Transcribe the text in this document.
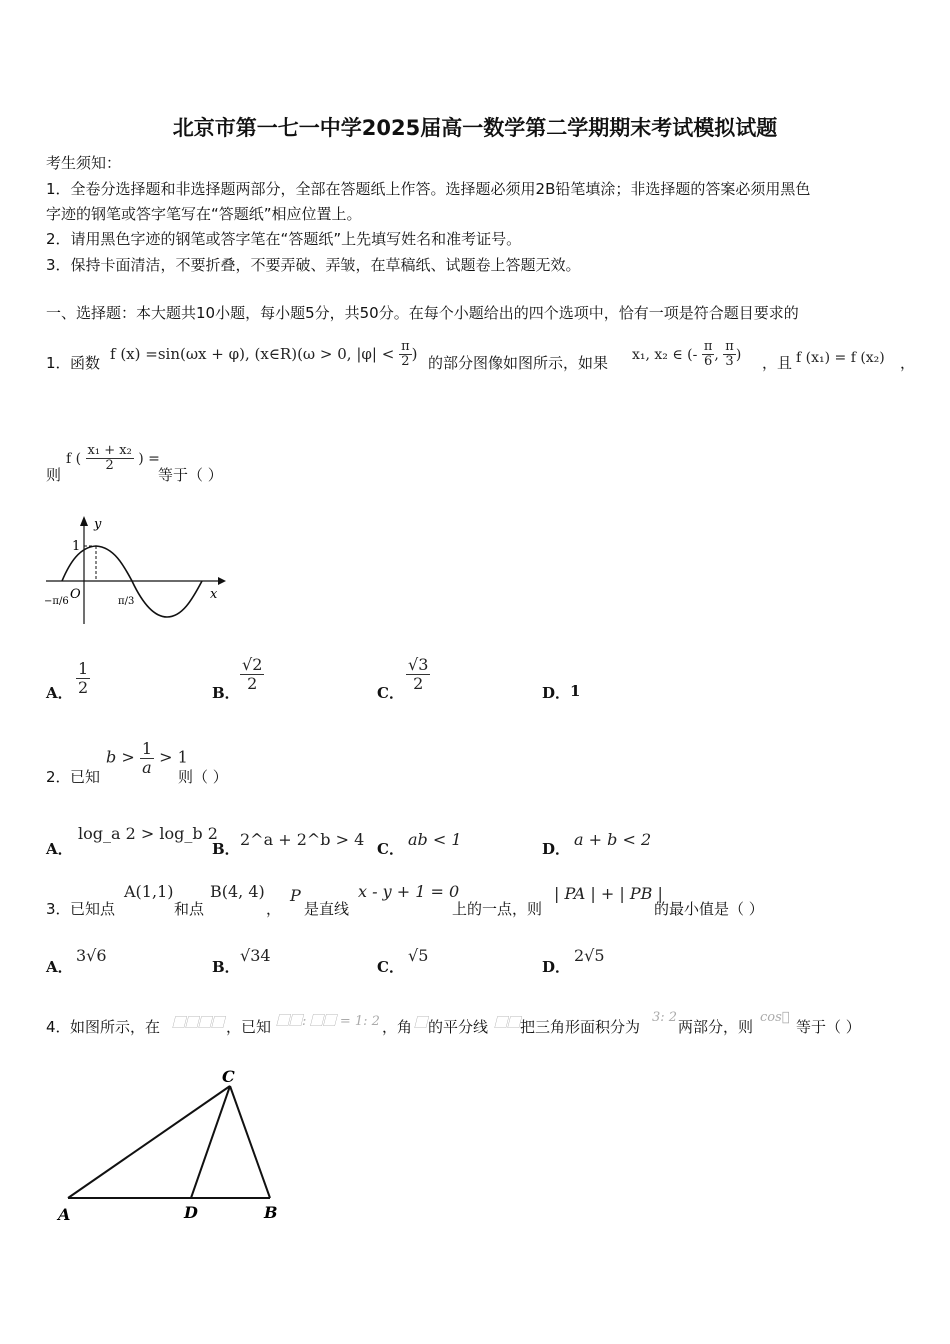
北京市第一七一中学2025届高一数学第二学期期末考试模拟试题
考生须知：
1．全卷分选择题和非选择题两部分，全部在答题纸上作答。选择题必须用2B铅笔填涂；非选择题的答案必须用黑色
字迹的钢笔或答字笔写在“答题纸”相应位置上。
2．请用黑色字迹的钢笔或答字笔在“答题纸”上先填写姓名和准考证号。
3．保持卡面清洁，不要折叠，不要弄破、弄皱，在草稿纸、试题卷上答题无效。
一、选择题：本大题共10小题，每小题5分，共50分。在每个小题给出的四个选项中，恰有一项是符合题目要求的
1． 函数
f (x) =sin(ωx + φ), (x∈R)(ω > 0, $|\varphi| < \frac{\pi}{2}$ )
的部分图像如图所示，如果 x₁, x₂ ∈ (- $\frac{\pi}{6}$ , $\frac{\pi}{3}$ ) ，且 f (x₁) = f (x₂) ，
则
f ( $\frac{\text{x₁ + x₂}}{2}$ ) =
等于（ ）
y
x
1
O
−π/6	π/3
A． $\frac{1}{2}$	B．
$\frac{√2}{2}$
C．
$\frac{√3}{2}$
D． 1
2． 已知
$b > \frac{1}{a} > 1$
则（ ）
A．
log_a 2 > log_b 2
B． 2^a + 2^b > 4 C． ab < 1	D． a + b < 2
3． 已知点
A(1,1)
和点
B(4, 4)
，
P
是直线
x - y + 1 = 0
上的一点，则
| PA | + | PB |
的最小值是（ ）
A．
3√6
B．
√34
C．
√5
D．
2√5
4． 如图所示，在 ⃞⃞⃞⃞ ，已知 ⃞⃞: ⃞⃞ = 1: 2 ，角 ⃞ 的平分线 ⃞⃞ 把三角形面积分为
3: 2
两部分，则
cos
等于（ ）
C
A	D	B
